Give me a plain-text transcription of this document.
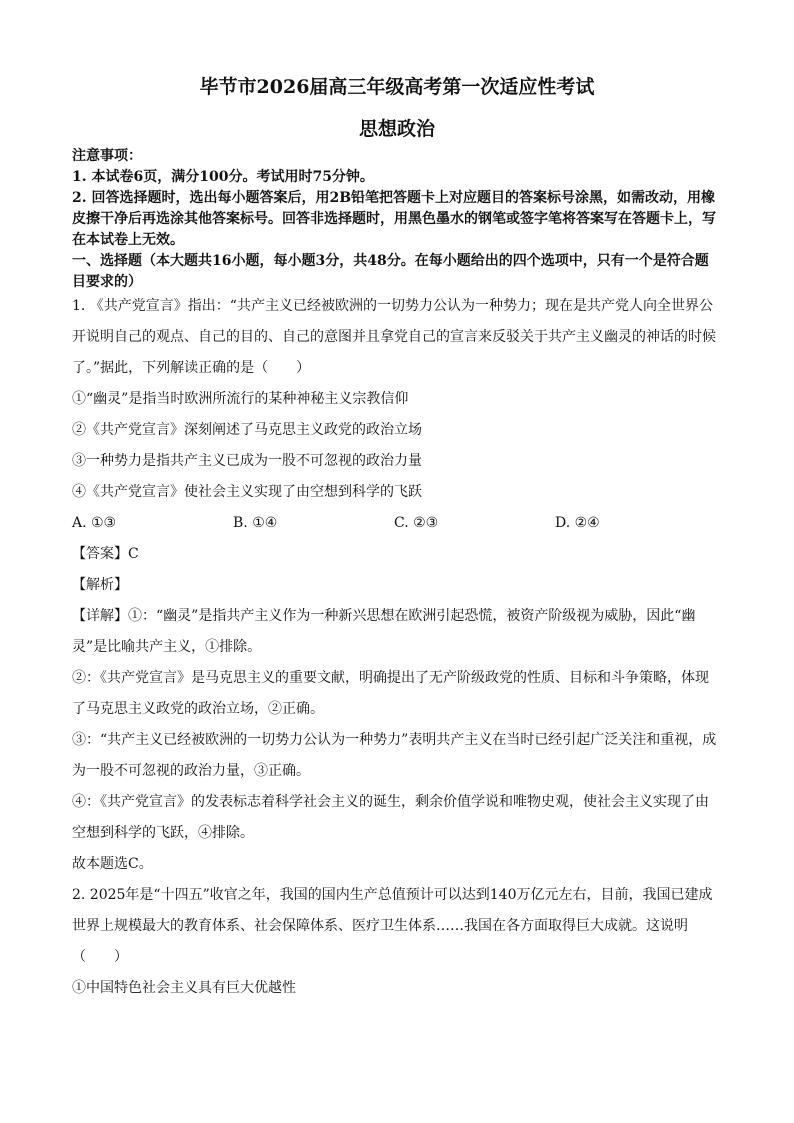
毕节市2026届高三年级高考第一次适应性考试
思想政治

注意事项：

1. 本试卷6页，满分100分。考试用时75分钟。

2. 回答选择题时，选出每小题答案后，用2B铅笔把答题卡上对应题目的答案标号涂黑，如需改动，用橡皮擦干净后再选涂其他答案标号。回答非选择题时，用黑色墨水的钢笔或签字笔将答案写在答题卡上，写在本试卷上无效。

一、选择题（本大题共16小题，每小题3分，共48分。在每小题给出的四个选项中，只有一个是符合题目要求的）

1. 《共产党宣言》指出：“共产主义已经被欧洲的一切势力公认为一种势力；现在是共产党人向全世界公开说明自己的观点、自己的目的、自己的意图并且拿党自己的宣言来反驳关于共产主义幽灵的神话的时候了。”据此，下列解读正确的是（　　）

①“幽灵”是指当时欧洲所流行的某种神秘主义宗教信仰

②《共产党宣言》深刻阐述了马克思主义政党的政治立场

③一种势力是指共产主义已成为一股不可忽视的政治力量

④《共产党宣言》使社会主义实现了由空想到科学的飞跃

A. ①③	B. ①④	C. ②③	D. ②④

【答案】C

【解析】

【详解】①：“幽灵”是指共产主义作为一种新兴思想在欧洲引起恐慌，被资产阶级视为威胁，因此“幽灵”是比喻共产主义，①排除。

②：《共产党宣言》是马克思主义的重要文献，明确提出了无产阶级政党的性质、目标和斗争策略，体现了马克思主义政党的政治立场，②正确。

③：“共产主义已经被欧洲的一切势力公认为一种势力”表明共产主义在当时已经引起广泛关注和重视，成为一股不可忽视的政治力量，③正确。

④：《共产党宣言》的发表标志着科学社会主义的诞生，剩余价值学说和唯物史观，使社会主义实现了由空想到科学的飞跃，④排除。

故本题选C。

2. 2025年是“十四五”收官之年，我国的国内生产总值预计可以达到140万亿元左右，目前，我国已建成世界上规模最大的教育体系、社会保障体系、医疗卫生体系……我国在各方面取得巨大成就。这说明（　　）

①中国特色社会主义具有巨大优越性
